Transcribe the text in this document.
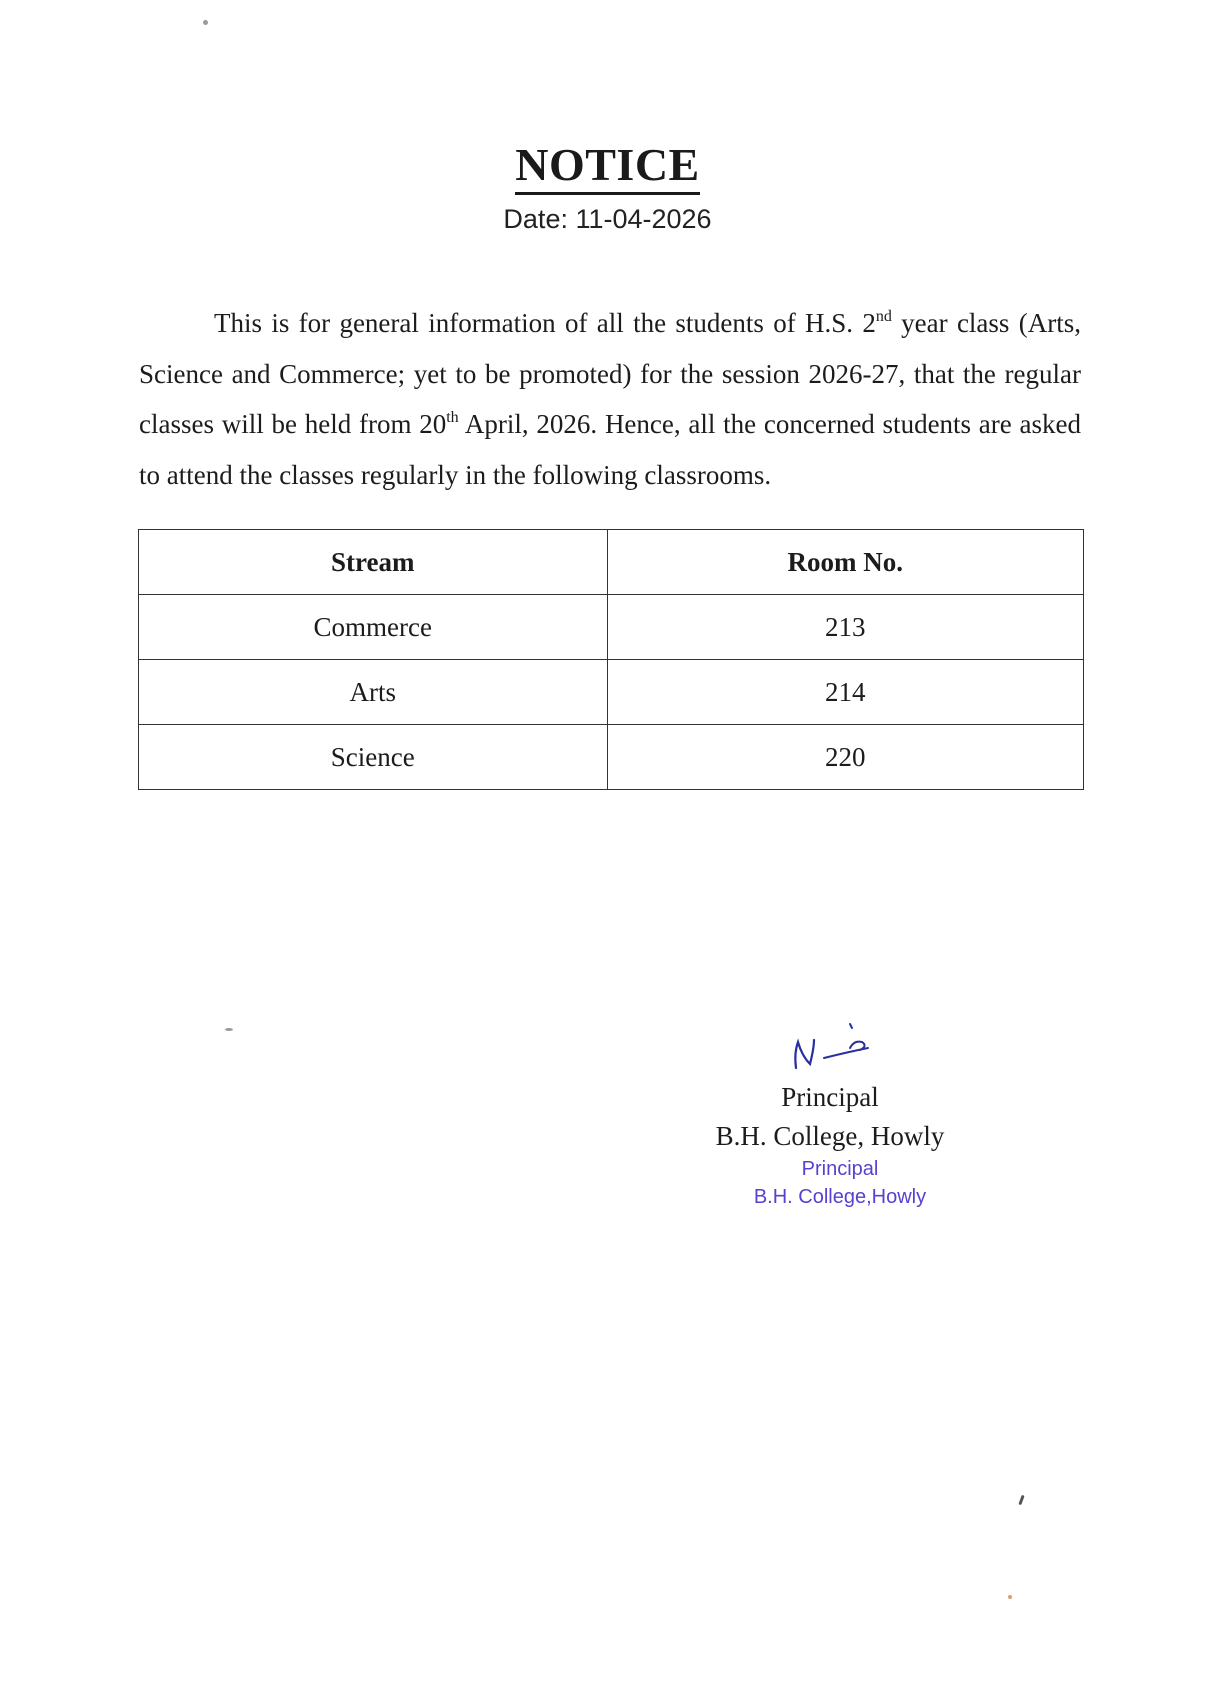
NOTICE
Date: 11-04-2026
This is for general information of all the students of H.S. 2nd year class (Arts, Science and Commerce; yet to be promoted) for the session 2026-27, that the regular classes will be held from 20th April, 2026. Hence, all the concerned students are asked to attend the classes regularly in the following classrooms.
Stream	Room No.
Commerce	213
Arts	214
Science	220
Principal
B.H. College, Howly
Principal
B.H. College,Howly
